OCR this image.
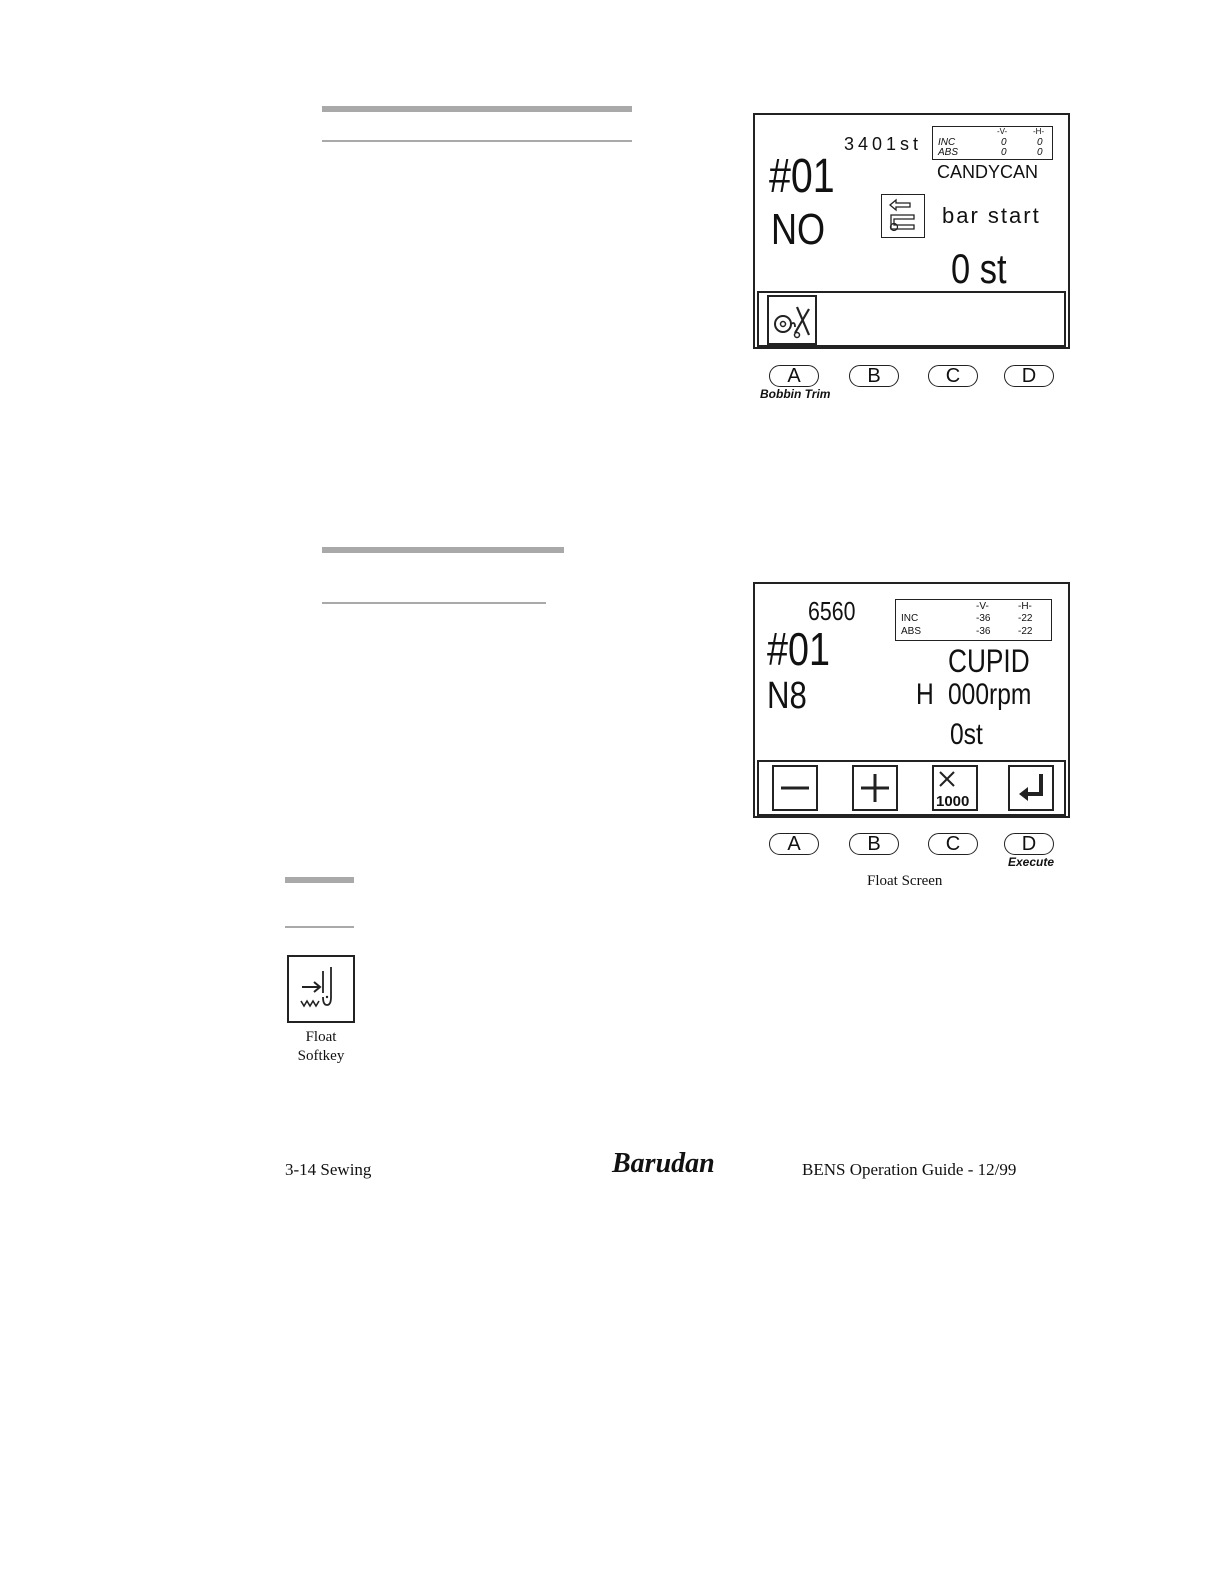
3401st
-V-	-H-
INC	0	0
ABS	0	0
#01	CANDYCAN
NO	bar start
0 st
A	B	C	D
Bobbin Trim
6560	-V-	-H-
INC	-36	-22
ABS	-36	-22
#01	CUPID
N8	H 000rpm
0st
1000
A	B	C	D
Execute
Float Screen
Float
Softkey
3-14 Sewing	Barudan	BENS Operation Guide - 12/99
